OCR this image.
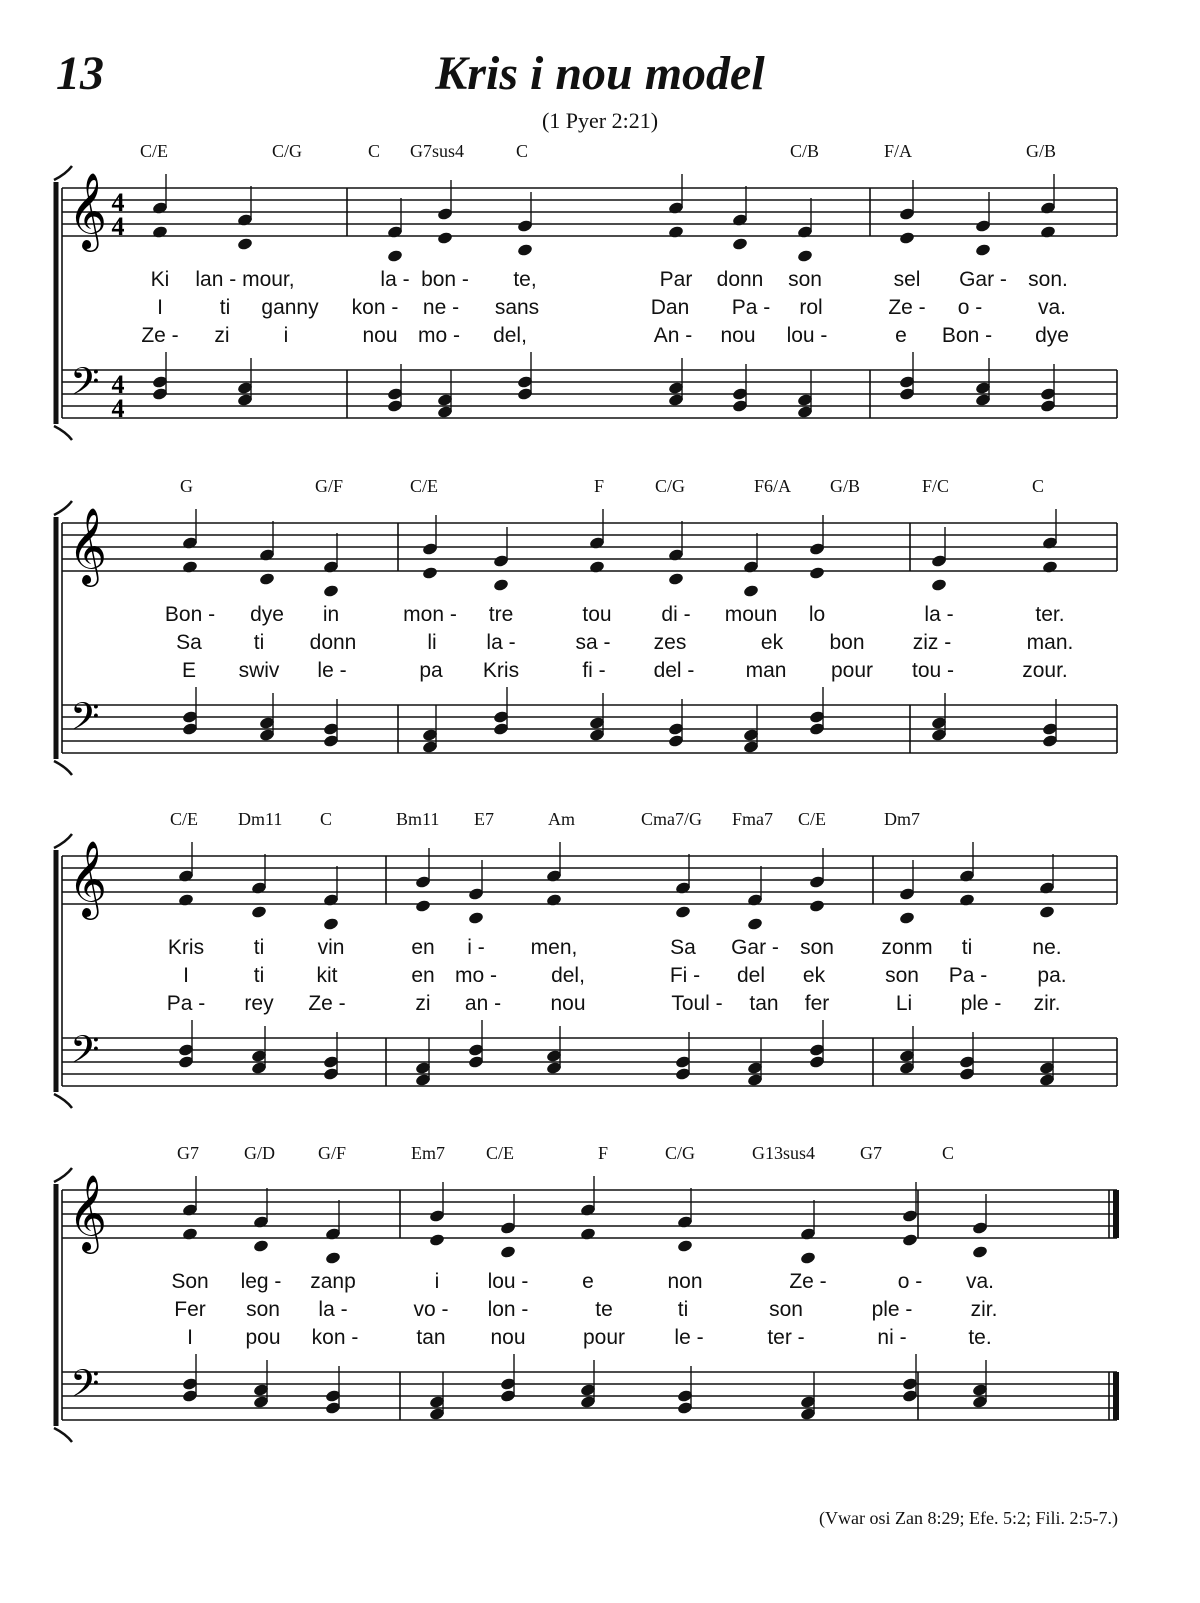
13	Kris i nou model
(1 Pyer 2:21)
𝄞
𝄢
4
4
4
4
C/E	C/G	C G7sus4	C	C/B	F/A	G/B
Ki lan - mour,	la - bon - te,	Par donn son	sel Gar - son.
I	ti ganny kon - ne - sans	Dan Pa - rol	Ze - o -	va.
Ze - zi	i	nou mo - del,	An - nou lou -	e Bon - dye
𝄞
𝄢
G	G/F	C/E	F	C/G	F6/A G/B	F/C	C
Bon - dye in	mon - tre	tou di - moun lo	la -	ter.
Sa ti donn	li la -	sa - zes	ek bon ziz -	man.
E swiv le -	pa Kris	fi - del - man pour tou -	zour.
𝄞
𝄢
C/E Dm11 C	Bm11 E7	Am	Cma7/G Fma7 C/E	Dm7
Kris ti	vin	en i - men,	Sa Gar - son zonm ti	ne.
I	ti kit	en mo -	del,	Fi - del ek	son Pa - pa.
Pa - rey Ze -	zi an - nou	Toul - tan fer	Li ple - zir.
𝄞
𝄢
G7	G/D G/F	Em7 C/E	F	C/G	G13sus4 G7	C
Son leg - zanp	i lou -	e	non	Ze -	o - va.
Fer son la -	vo - lon -	te	ti	son	ple -	zir.
I	pou kon -	tan nou	pour le -	ter -	ni -	te.
(Vwar osi Zan 8:29; Efe. 5:2; Fili. 2:5-7.)
